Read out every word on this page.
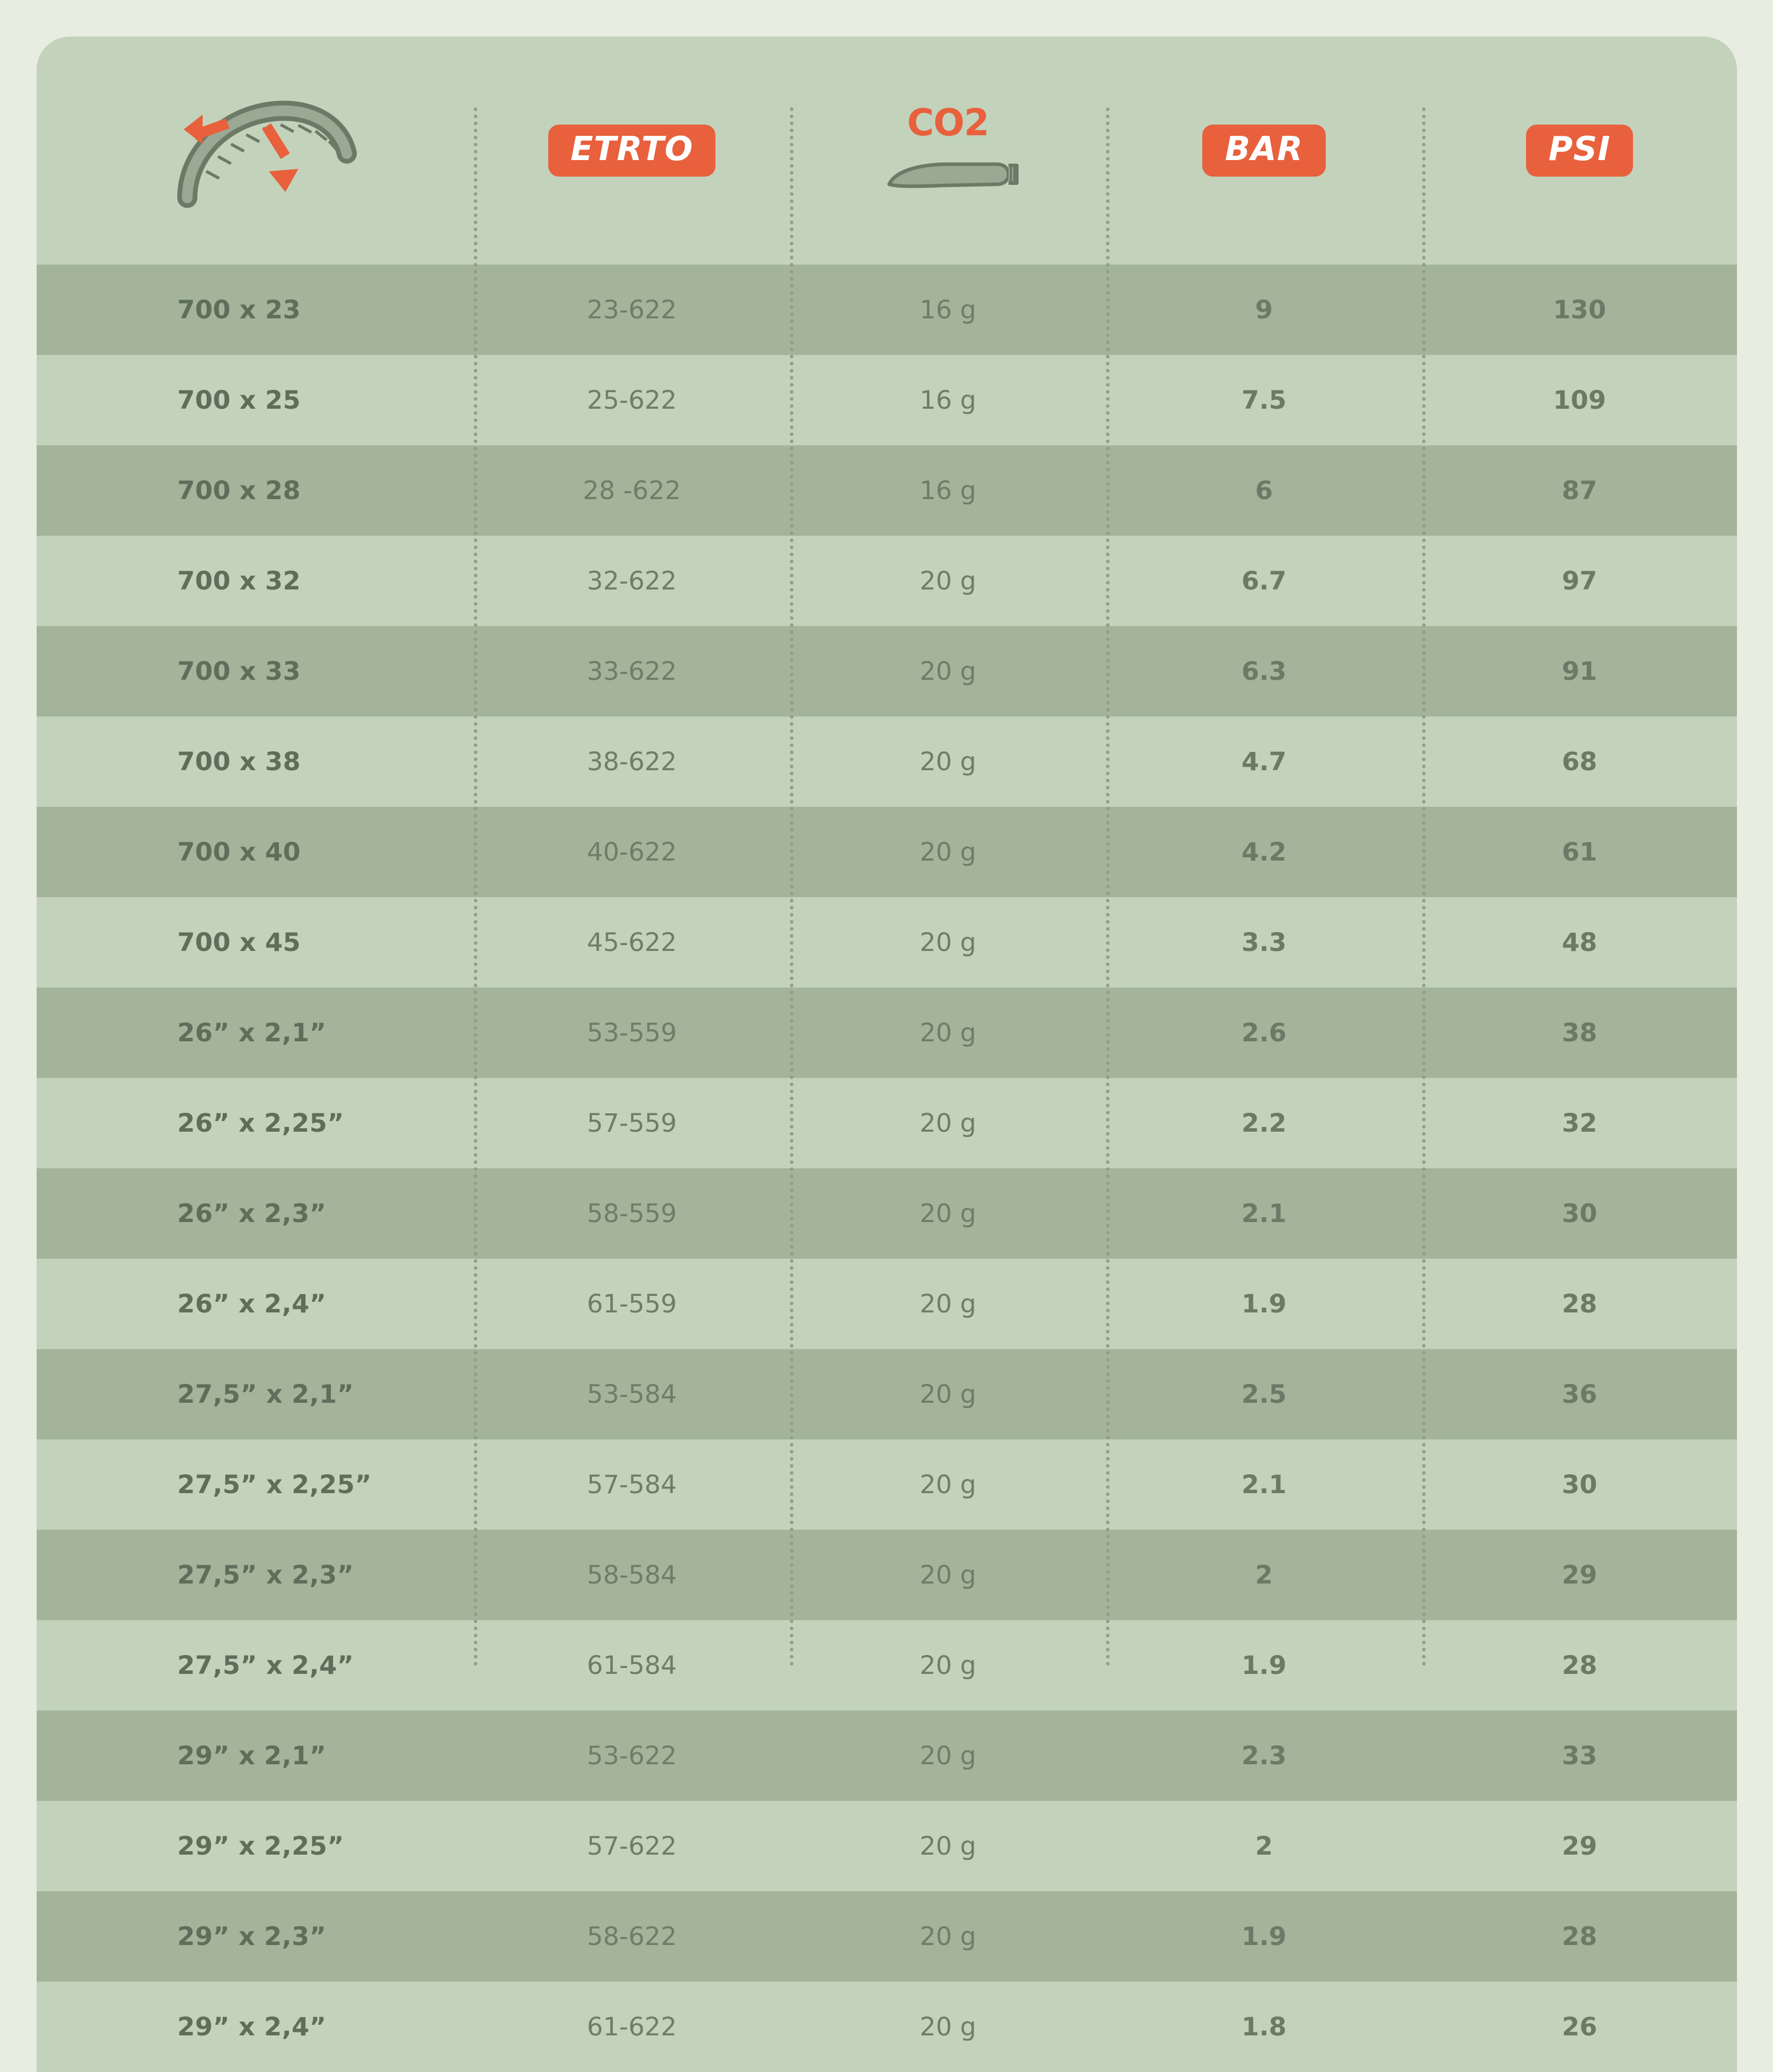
ETRTO
CO2
BAR	PSI
700 x 23	23-622	16 g	9	130
700 x 25	25-622	16 g	7.5	109
700 x 28	28 -622	16 g	6	87
700 x 32	32-622	20 g	6.7	97
700 x 33	33-622	20 g	6.3	91
700 x 38	38-622	20 g	4.7	68
700 x 40	40-622	20 g	4.2	61
700 x 45	45-622	20 g	3.3	48
26” x 2,1”	53-559	20 g	2.6	38
26” x 2,25”	57-559	20 g	2.2	32
26” x 2,3”	58-559	20 g	2.1	30
26” x 2,4”	61-559	20 g	1.9	28
27,5” x 2,1”	53-584	20 g	2.5	36
27,5” x 2,25”	57-584	20 g	2.1	30
27,5” x 2,3”	58-584	20 g	2	29
27,5” x 2,4”	61-584	20 g	1.9	28
29” x 2,1”	53-622	20 g	2.3	33
29” x 2,25”	57-622	20 g	2	29
29” x 2,3”	58-622	20 g	1.9	28
29” x 2,4”	61-622	20 g	1.8	26
